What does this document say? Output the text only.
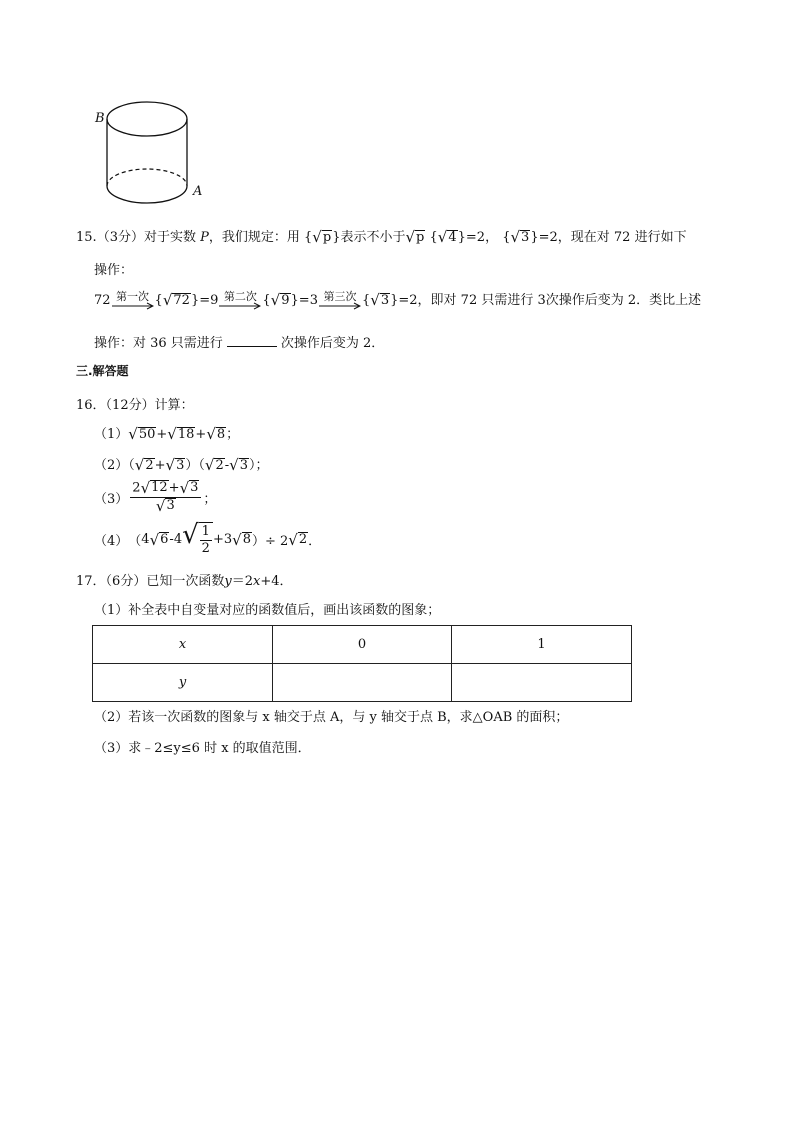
B
A
15.（3分）对于实数 P，我们规定：用 { √ p }表示不小于 √ p { √ 4 }=2， { √ 3 }=2，现在对 72 进行如下
操作：
72 第一次 { √ 72 }=9 第二次 { √ 9 }=3 第三次 { √ 3 }=2，即对 72 只需进行 3次操作后变为 2．类比上述
操作：对 36 只需进行	次操作后变为 2．
三.解答题
16．（12分）计算：
（1） √ 50 + √ 18 + √ 8 ；
（2）（ √ 2 + √ 3 ）（ √ 2 - √ 3 ）；
$(3) \frac{2 √ 12 + √ 3}{√ 3}$ ；
（4） （ 4 √ 6 -4 √ $\frac{1}{2} +3$ √ 8 ）÷ 2 √ 2 ．
17．（6分）已知一次函数y＝2x+4．
（1）补全表中自变量对应的函数值后，画出该函数的图象；
x	0	1
y		
（2）若该一次函数的图象与 x 轴交于点 A，与 y 轴交于点 B，求△OAB 的面积；
（3）求﹣2≤y≤6 时 x 的取值范围．
